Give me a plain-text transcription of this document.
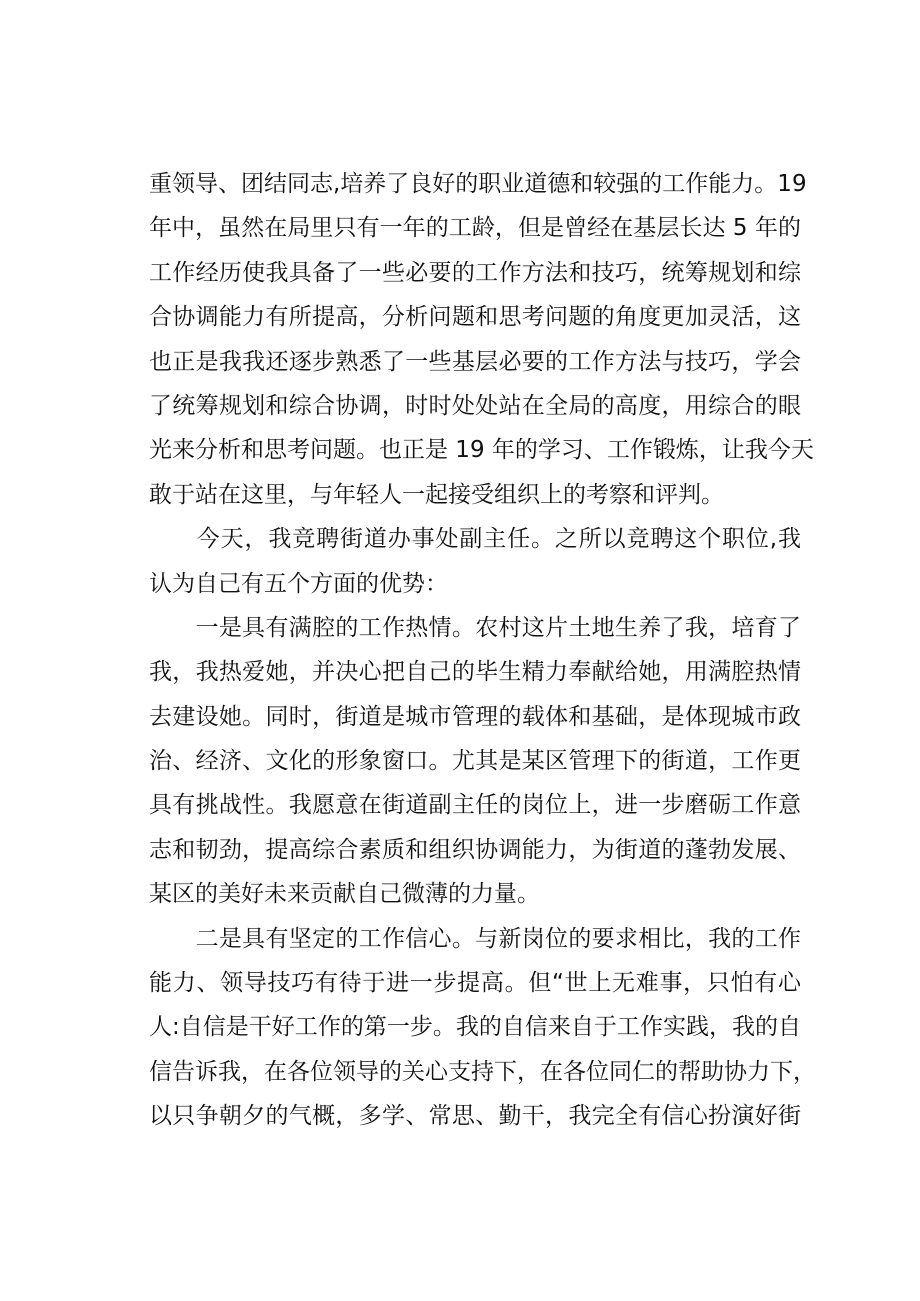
重领导、团结同志,培养了良好的职业道德和较强的工作能力。19
年中，虽然在局里只有一年的工龄，但是曾经在基层长达 5 年的
工作经历使我具备了一些必要的工作方法和技巧，统筹规划和综
合协调能力有所提高，分析问题和思考问题的角度更加灵活，这
也正是我我还逐步熟悉了一些基层必要的工作方法与技巧，学会
了统筹规划和综合协调，时时处处站在全局的高度，用综合的眼
光来分析和思考问题。也正是 19 年的学习、工作锻炼，让我今天
敢于站在这里，与年轻人一起接受组织上的考察和评判。
　　今天，我竞聘街道办事处副主任。之所以竞聘这个职位,我
认为自己有五个方面的优势：
　　一是具有满腔的工作热情。农村这片土地生养了我，培育了
我，我热爱她，并决心把自己的毕生精力奉献给她，用满腔热情
去建设她。同时，街道是城市管理的载体和基础，是体现城市政
治、经济、文化的形象窗口。尤其是某区管理下的街道，工作更
具有挑战性。我愿意在街道副主任的岗位上，进一步磨砺工作意
志和韧劲，提高综合素质和组织协调能力，为街道的蓬勃发展、
某区的美好未来贡献自己微薄的力量。
　　二是具有坚定的工作信心。与新岗位的要求相比，我的工作
能力、领导技巧有待于进一步提高。但“世上无难事，只怕有心
人:自信是干好工作的第一步。我的自信来自于工作实践，我的自
信告诉我，在各位领导的关心支持下，在各位同仁的帮助协力下，
以只争朝夕的气概，多学、常思、勤干，我完全有信心扮演好街
